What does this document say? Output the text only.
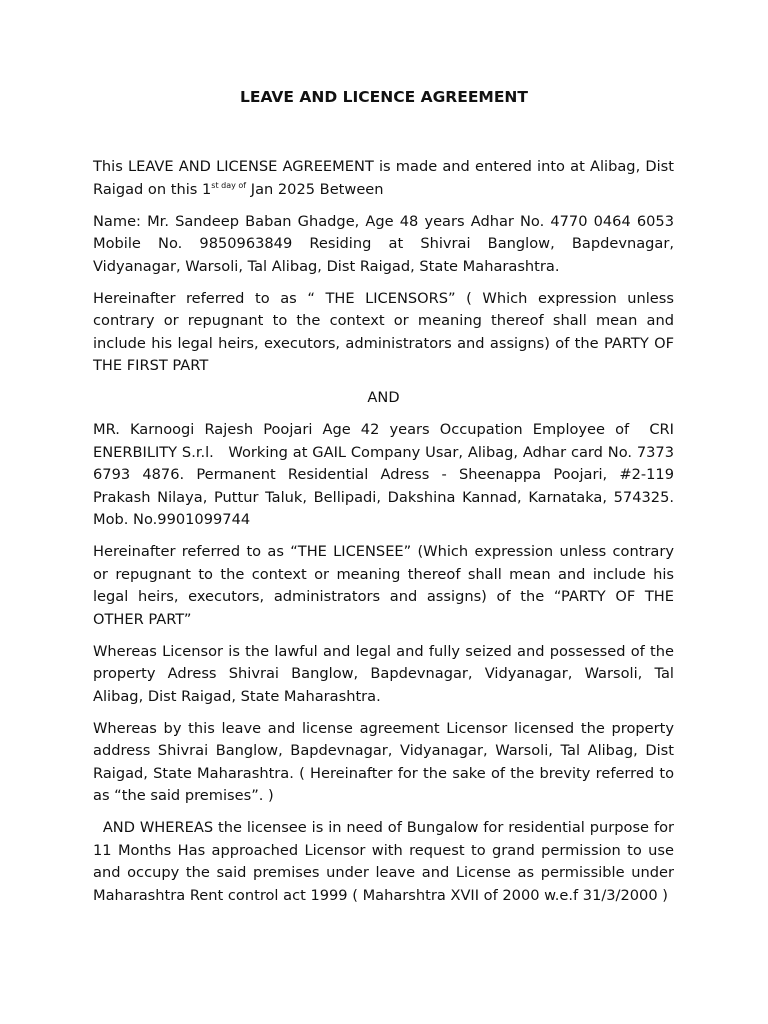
LEAVE AND LICENCE AGREEMENT

This LEAVE AND LICENSE AGREEMENT is made and entered into at Alibag, Dist Raigad on this $1^{st day of}$ Jan 2025 Between

Name: Mr. Sandeep Baban Ghadge, Age 48 years Adhar No. 4770 0464 6053 Mobile No. 9850963849 Residing at Shivrai Banglow, Bapdevnagar, Vidyanagar, Warsoli, Tal Alibag, Dist Raigad, State Maharashtra.

Hereinafter referred to as “ THE LICENSORS” ( Which expression unless contrary or repugnant to the context or meaning thereof shall mean and include his legal heirs, executors, administrators and assigns) of the PARTY OF THE FIRST PART

AND

MR. Karnoogi Rajesh Poojari Age 42 years Occupation Employee of  CRI ENERBILITY S.r.l.   Working at GAIL Company Usar, Alibag, Adhar card No. 7373 6793 4876. Permanent Residential Adress - Sheenappa Poojari, #2-119 Prakash Nilaya, Puttur Taluk, Bellipadi, Dakshina Kannad, Karnataka, 574325. Mob. No.9901099744

Hereinafter referred to as “THE LICENSEE” (Which expression unless contrary or repugnant to the context or meaning thereof shall mean and include his legal heirs, executors, administrators and assigns) of the “PARTY OF THE OTHER PART”

Whereas Licensor is the lawful and legal and fully seized and possessed of the property Adress Shivrai Banglow, Bapdevnagar, Vidyanagar, Warsoli, Tal Alibag, Dist Raigad, State Maharashtra.

Whereas by this leave and license agreement Licensor licensed the property address Shivrai Banglow, Bapdevnagar, Vidyanagar, Warsoli, Tal Alibag, Dist Raigad, State Maharashtra. ( Hereinafter for the sake of the brevity referred to as “the said premises”. )

AND WHEREAS the licensee is in need of Bungalow for residential purpose for 11 Months Has approached Licensor with request to grand permission to use and occupy the said premises under leave and License as permissible under Maharashtra Rent control act 1999 ( Maharshtra XVII of 2000 w.e.f 31/3/2000 )
